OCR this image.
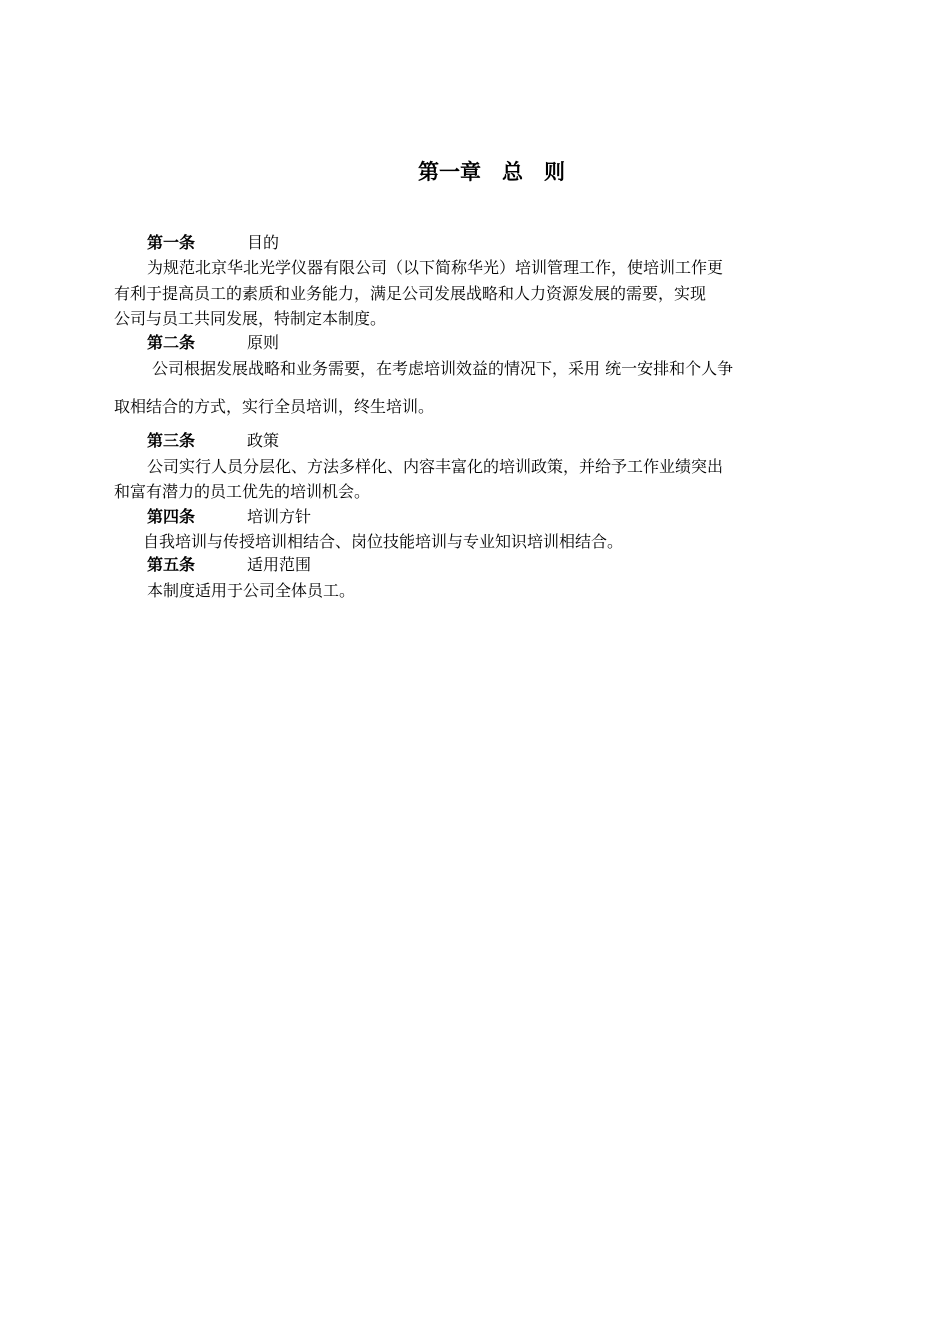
第一章　总　则
第一条	目的
为规范北京华北光学仪器有限公司（以下简称华光）培训管理工作，使培训工作更
有利于提高员工的素质和业务能力，满足公司发展战略和人力资源发展的需要，实现
公司与员工共同发展，特制定本制度。
第二条	原则
公司根据发展战略和业务需要，在考虑培训效益的情况下，采用 统一安排和个人争
取相结合的方式，实行全员培训，终生培训。
第三条	政策
公司实行人员分层化、方法多样化、内容丰富化的培训政策，并给予工作业绩突出
和富有潜力的员工优先的培训机会。
第四条	培训方针
自我培训与传授培训相结合、岗位技能培训与专业知识培训相结合。
第五条	适用范围
本制度适用于公司全体员工。
